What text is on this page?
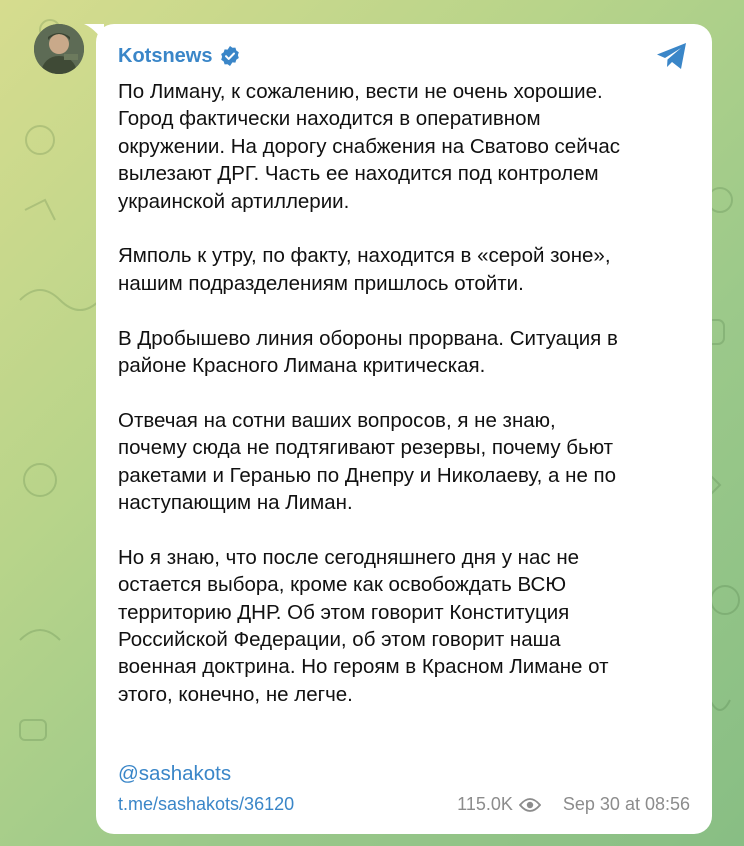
Kotsnews

По Лиману, к сожалению, вести не очень хорошие.
Город фактически находится в оперативном
окружении. На дорогу снабжения на Сватово сейчас
вылезают ДРГ. Часть ее находится под контролем
украинской артиллерии.

Ямполь к утру, по факту, находится в «серой зоне»,
нашим подразделениям пришлось отойти.

В Дробышево линия обороны прорвана. Ситуация в
районе Красного Лимана критическая.

Отвечая на сотни ваших вопросов, я не знаю,
почему сюда не подтягивают резервы, почему бьют
ракетами и Геранью по Днепру и Николаеву, а не по
наступающим на Лиман.

Но я знаю, что после сегодняшнего дня у нас не
остается выбора, кроме как освобождать ВСЮ
территорию ДНР. Об этом говорит Конституция
Российской Федерации, об этом говорит наша
военная доктрина. Но героям в Красном Лимане от
этого, конечно, не легче.

@sashakots
t.me/sashakots/36120	115.0K	Sep 30 at 08:56
